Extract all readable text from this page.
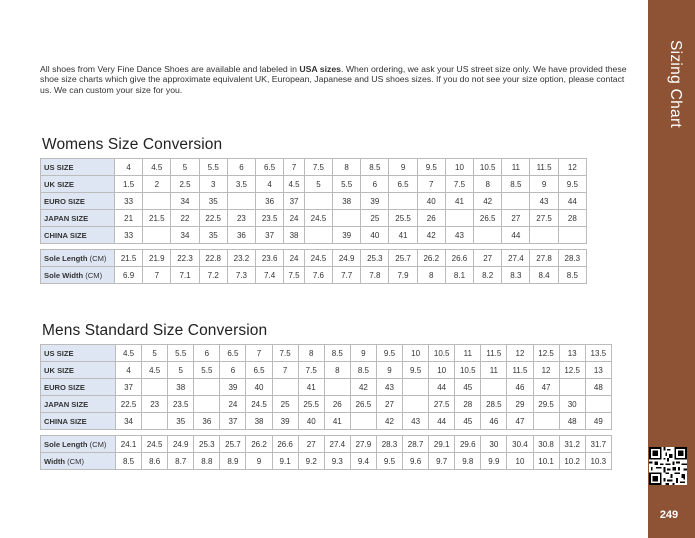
All shoes from Very Fine Dance Shoes are available and labeled in USA sizes. When ordering, we ask your US street size only. We have provided these shoe size charts which give the approximate equivalent UK, European, Japanese and US shoes sizes. If you do not see your size option, please contact us. We can custom your size for you.	Sizing Chart
249
Womens Size Conversion
US SIZE	4	4.5	5	5.5	6	6.5	7	7.5	8	8.5	9	9.5	10	10.5	11	11.5	12
UK SIZE	1.5	2	2.5	3	3.5	4	4.5	5	5.5	6	6.5	7	7.5	8	8.5	9	9.5
EURO SIZE	33		34	35		36	37		38	39		40	41	42		43	44
JAPAN SIZE	21	21.5	22	22.5	23	23.5	24	24.5		25	25.5	26		26.5	27	27.5	28
CHINA SIZE	33		34	35	36	37	38		39	40	41	42	43		44		

Sole Length (CM)	21.5	21.9	22.3	22.8	23.2	23.6	24	24.5	24.9	25.3	25.7	26.2	26.6	27	27.4	27.8	28.3
Sole Width (CM)	6.9	7	7.1	7.2	7.3	7.4	7.5	7.6	7.7	7.8	7.9	8	8.1	8.2	8.3	8.4	8.5
Mens Standard Size Conversion
US SIZE	4.5	5	5.5	6	6.5	7	7.5	8	8.5	9	9.5	10	10.5	11	11.5	12	12.5	13	13.5
UK SIZE	4	4.5	5	5.5	6	6.5	7	7.5	8	8.5	9	9.5	10	10.5	11	11.5	12	12.5	13
EURO SIZE	37		38		39	40		41		42	43		44	45		46	47		48
JAPAN SIZE	22.5	23	23.5		24	24.5	25	25.5	26	26.5	27		27.5	28	28.5	29	29.5	30	
CHINA SIZE	34		35	36	37	38	39	40	41		42	43	44	45	46	47		48	49

Sole Length (CM)	24.1	24.5	24.9	25.3	25.7	26.2	26.6	27	27.4	27.9	28.3	28.7	29.1	29.6	30	30.4	30.8	31.2	31.7
Width (CM)	8.5	8.6	8.7	8.8	8.9	9	9.1	9.2	9.3	9.4	9.5	9.6	9.7	9.8	9.9	10	10.1	10.2	10.3
